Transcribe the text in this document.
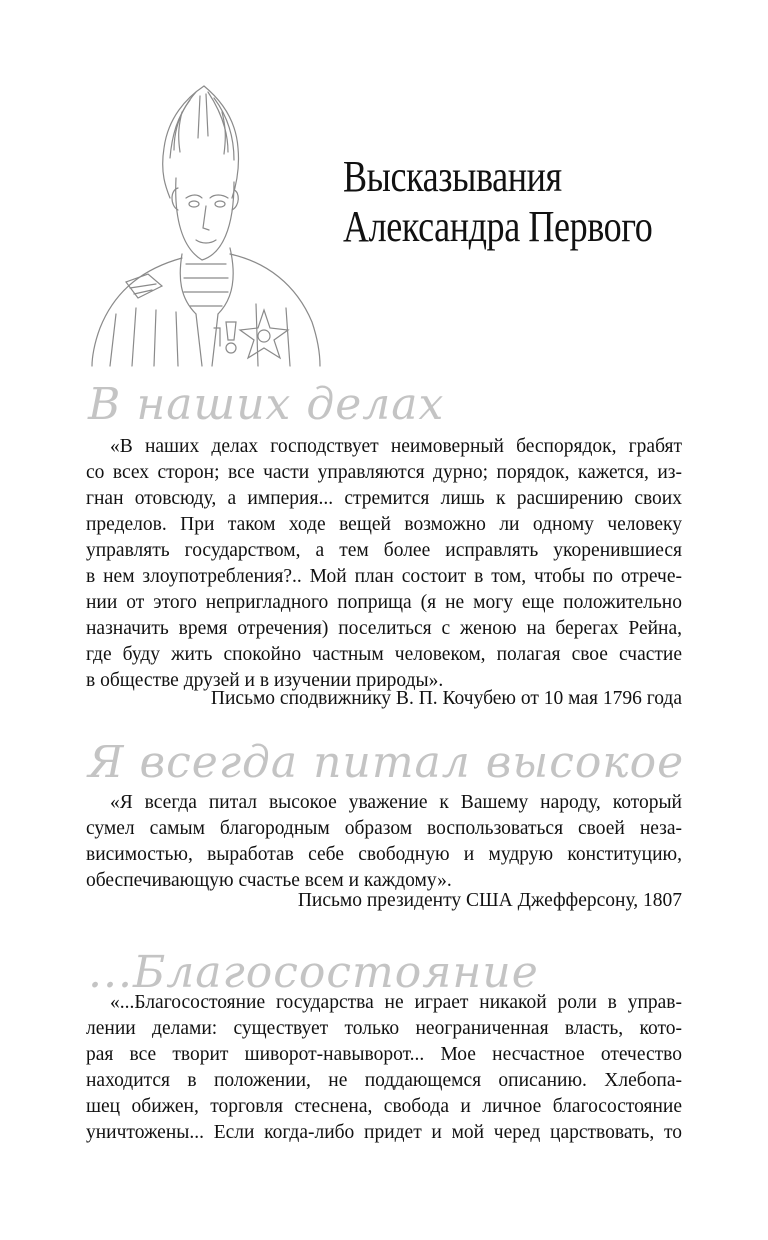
Высказывания
Александра Первого
В наших делах
«В наших делах господствует неимоверный беспорядок, грабят
со всех сторон; все части управляются дурно; порядок, кажется, из-
гнан отовсюду, а империя... стремится лишь к расширению своих
пределов. При таком ходе вещей возможно ли одному человеку
управлять государством, а тем более исправлять укоренившиеся
в нем злоупотребления?.. Мой план состоит в том, чтобы по отрече-
нии от этого непригладного поприща (я не могу еще положительно
назначить время отречения) поселиться с женою на берегах Рейна,
где буду жить спокойно частным человеком, полагая свое счастие
в обществе друзей и в изучении природы».
Письмо сподвижнику В. П. Кочубею от 10 мая 1796 года
Я всегда питал высокое
«Я всегда питал высокое уважение к Вашему народу, который
сумел самым благородным образом воспользоваться своей неза-
висимостью, выработав себе свободную и мудрую конституцию,
обеспечивающую счастье всем и каждому».
Письмо президенту США Джефферсону, 1807
...Благосостояние
«...Благосостояние государства не играет никакой роли в управ-
лении делами: существует только неограниченная власть, кото-
рая все творит шиворот-навыворот... Мое несчастное отечество
находится в положении, не поддающемся описанию. Хлебопа-
шец обижен, торговля стеснена, свобода и личное благосостояние
уничтожены... Если когда-либо придет и мой черед царствовать, то
